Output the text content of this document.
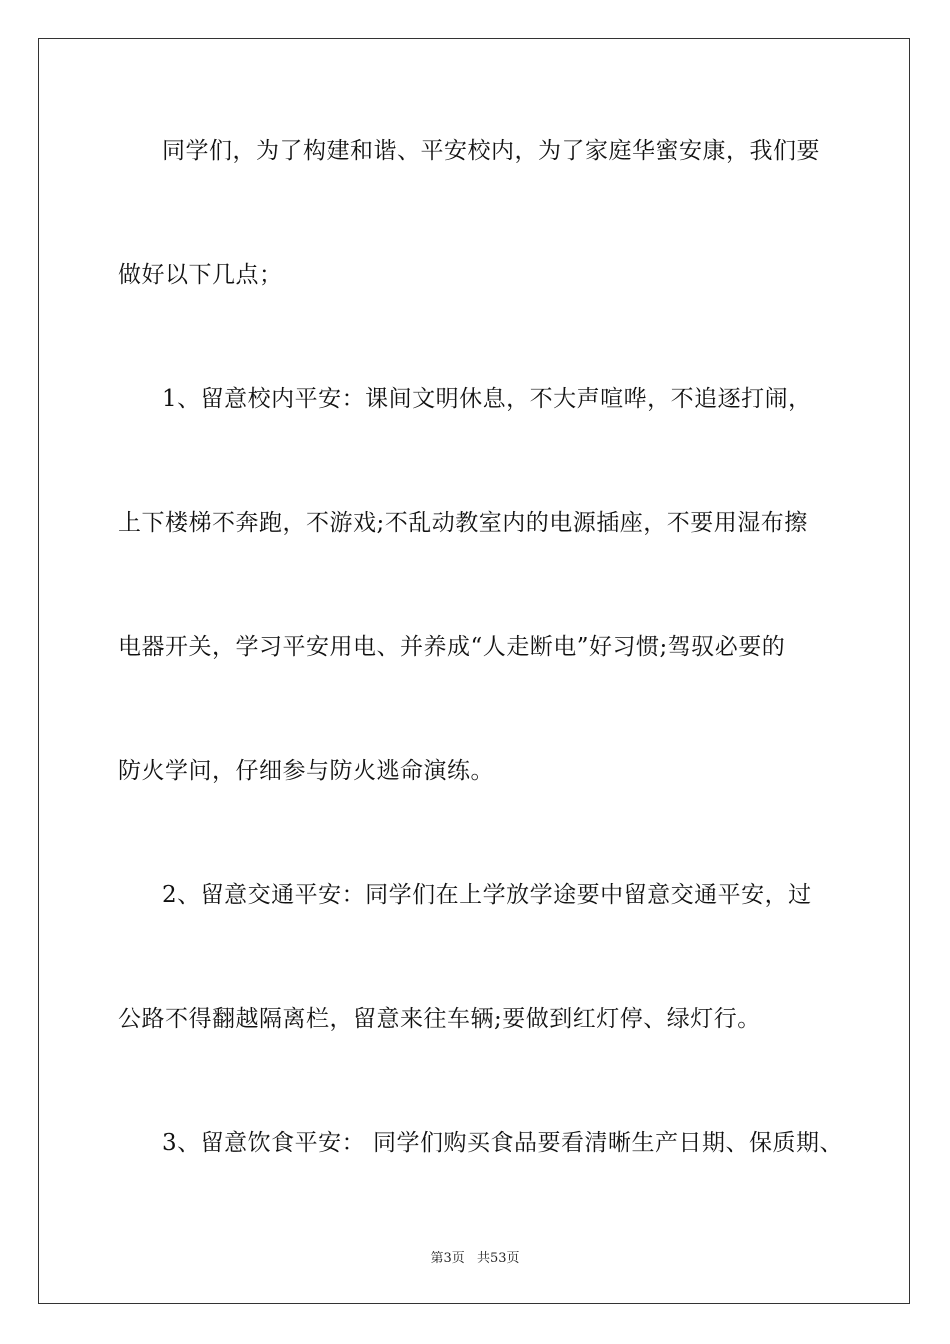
同学们，为了构建和谐、平安校内，为了家庭华蜜安康，我们要
做好以下几点；
1、留意校内平安：课间文明休息，不大声喧哗，不追逐打闹，
上下楼梯不奔跑，不游戏;不乱动教室内的电源插座，不要用湿布擦
电器开关，学习平安用电、并养成“人走断电”好习惯;驾驭必要的
防火学问，仔细参与防火逃命演练。
2、留意交通平安：同学们在上学放学途要中留意交通平安，过
公路不得翻越隔离栏，留意来往车辆;要做到红灯停、绿灯行。
3、留意饮食平安： 同学们购买食品要看清晰生产日期、保质期、
第3页 共53页
